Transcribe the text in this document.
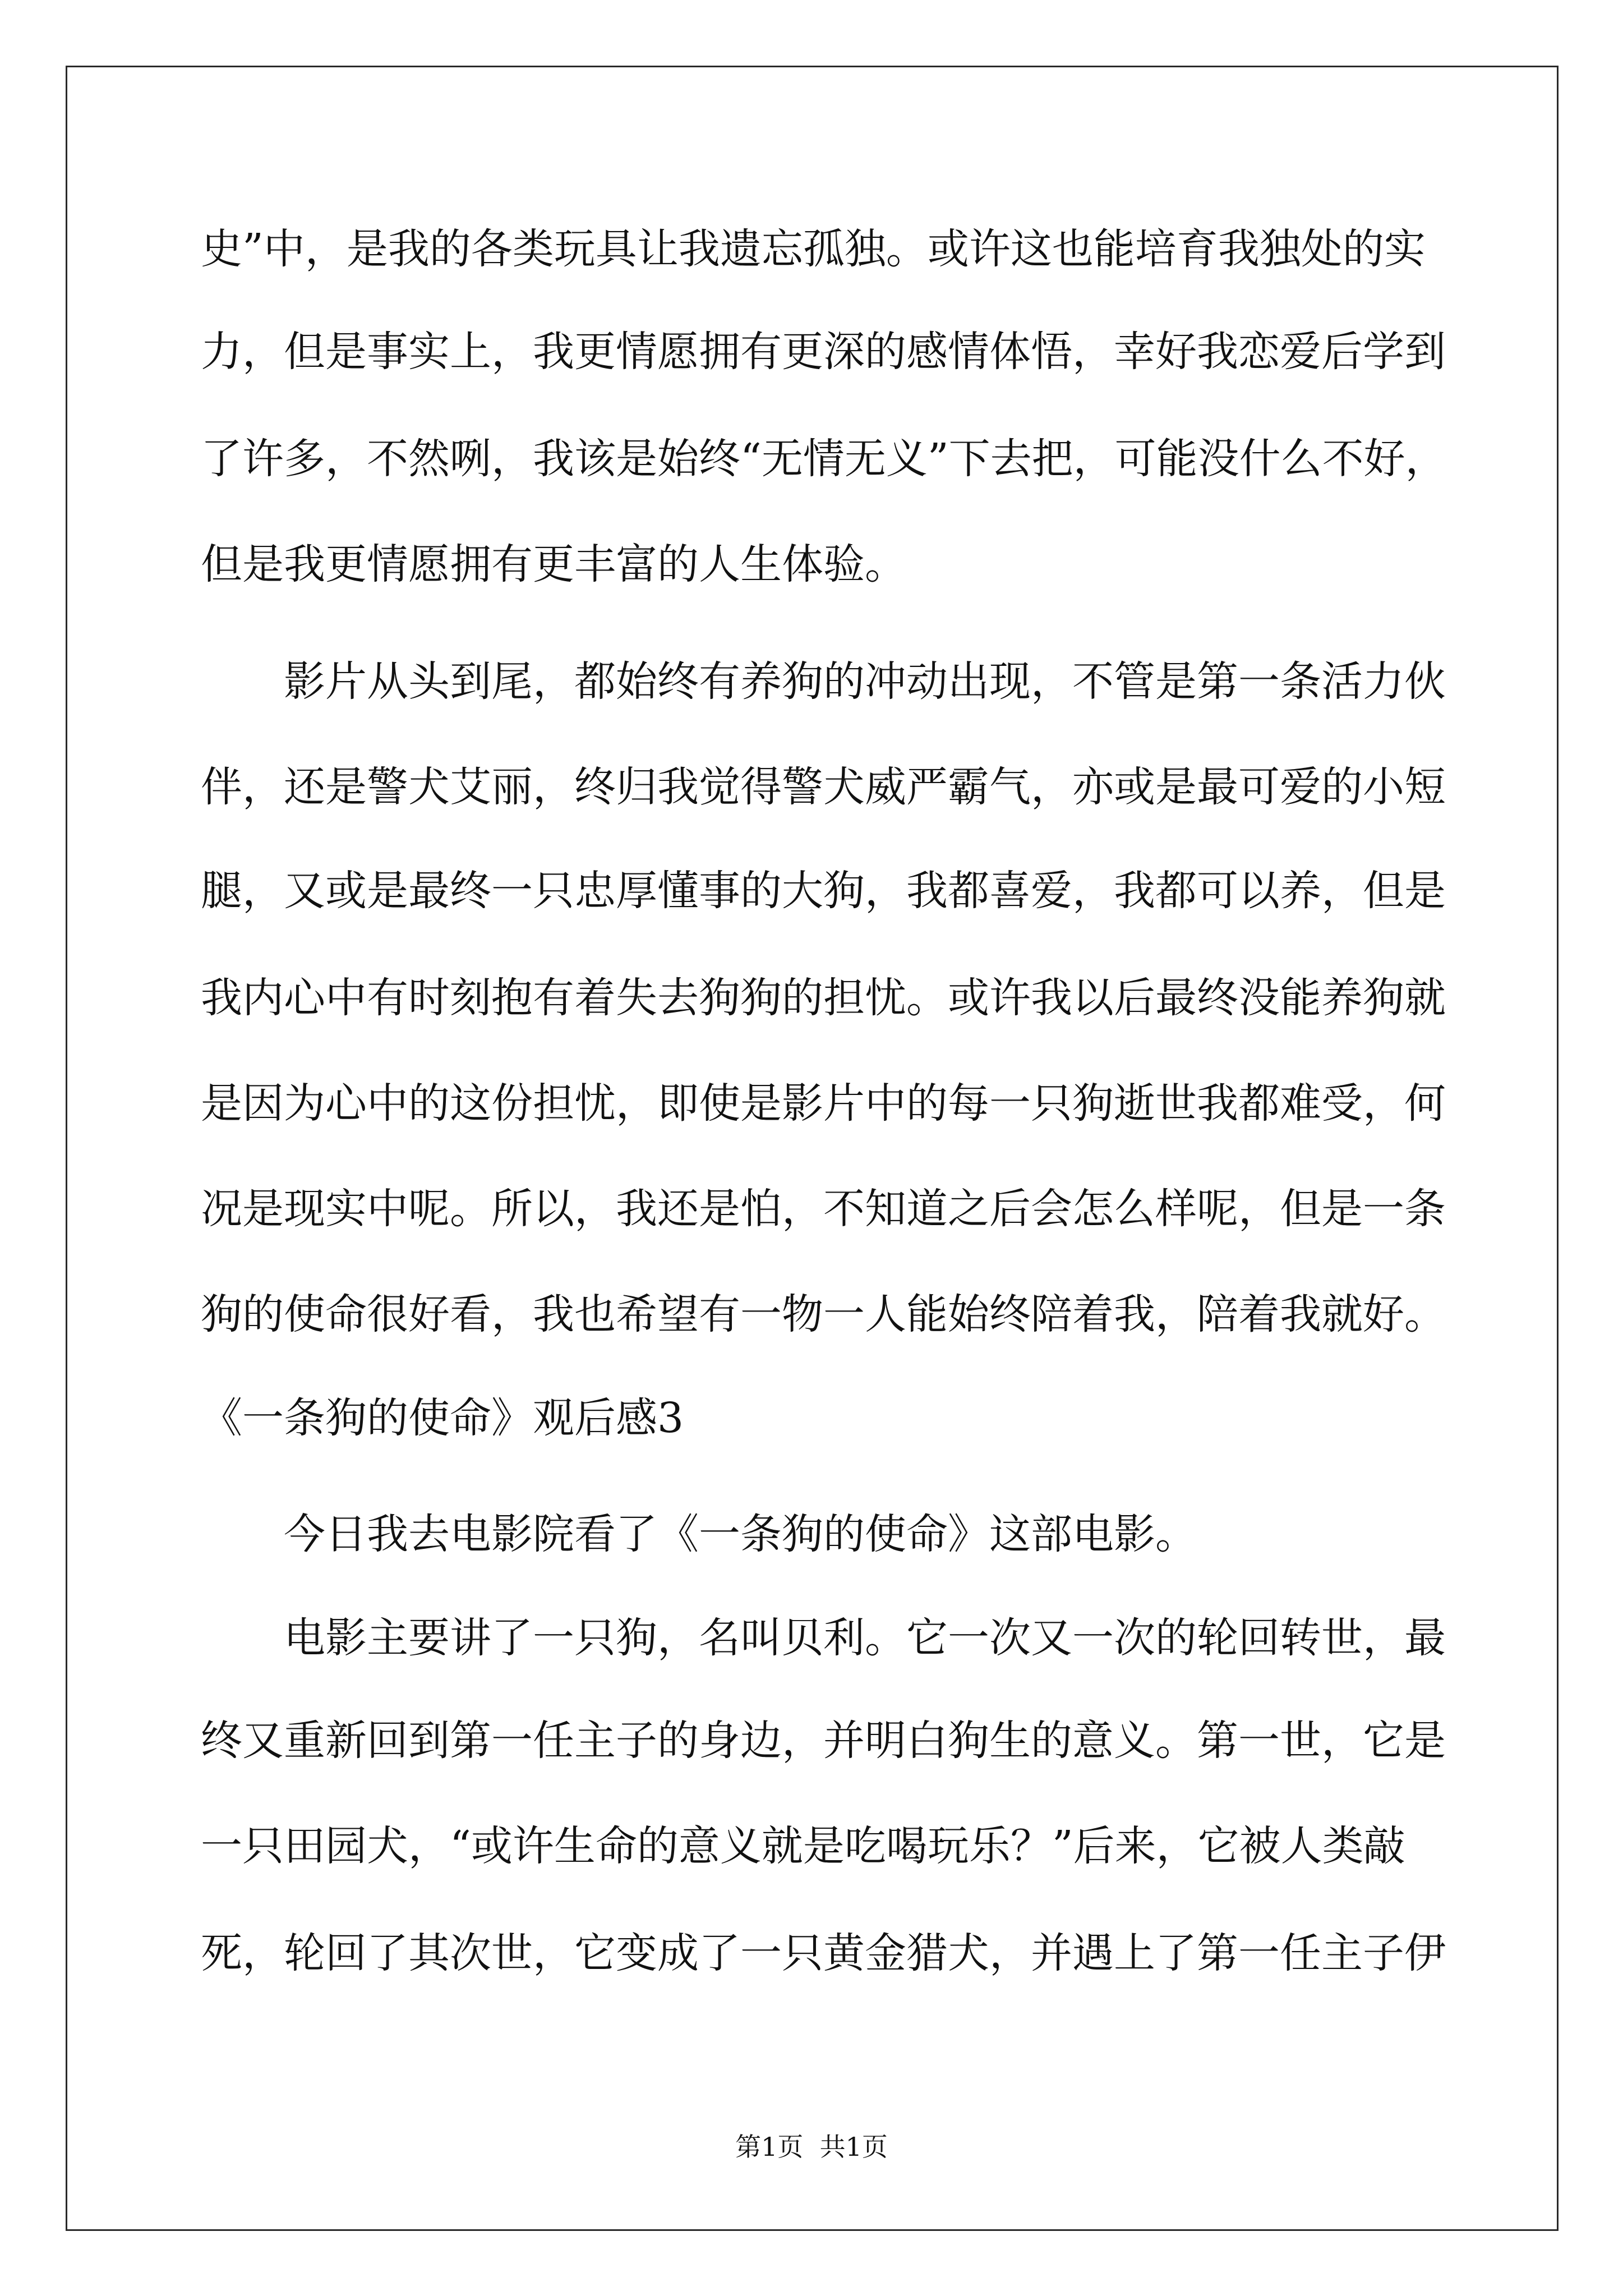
史”中，是我的各类玩具让我遗忘孤独。或许这也能培育我独处的实
力，但是事实上，我更情愿拥有更深的感情体悟，幸好我恋爱后学到
了许多，不然咧，我该是始终“无情无义”下去把，可能没什么不好，
但是我更情愿拥有更丰富的人生体验。
影片从头到尾，都始终有养狗的冲动出现，不管是第一条活力伙
伴，还是警犬艾丽，终归我觉得警犬威严霸气，亦或是最可爱的小短
腿，又或是最终一只忠厚懂事的大狗，我都喜爱，我都可以养，但是
我内心中有时刻抱有着失去狗狗的担忧。或许我以后最终没能养狗就
是因为心中的这份担忧，即使是影片中的每一只狗逝世我都难受，何
况是现实中呢。所以，我还是怕，不知道之后会怎么样呢，但是一条
狗的使命很好看，我也希望有一物一人能始终陪着我，陪着我就好。
《一条狗的使命》观后感3
今日我去电影院看了《一条狗的使命》这部电影。
电影主要讲了一只狗，名叫贝利。它一次又一次的轮回转世，最
终又重新回到第一任主子的身边，并明白狗生的意义。第一世，它是
一只田园犬，“或许生命的意义就是吃喝玩乐？”后来，它被人类敲
死，轮回了其次世，它变成了一只黄金猎犬，并遇上了第一任主子伊
第1页  共1页
